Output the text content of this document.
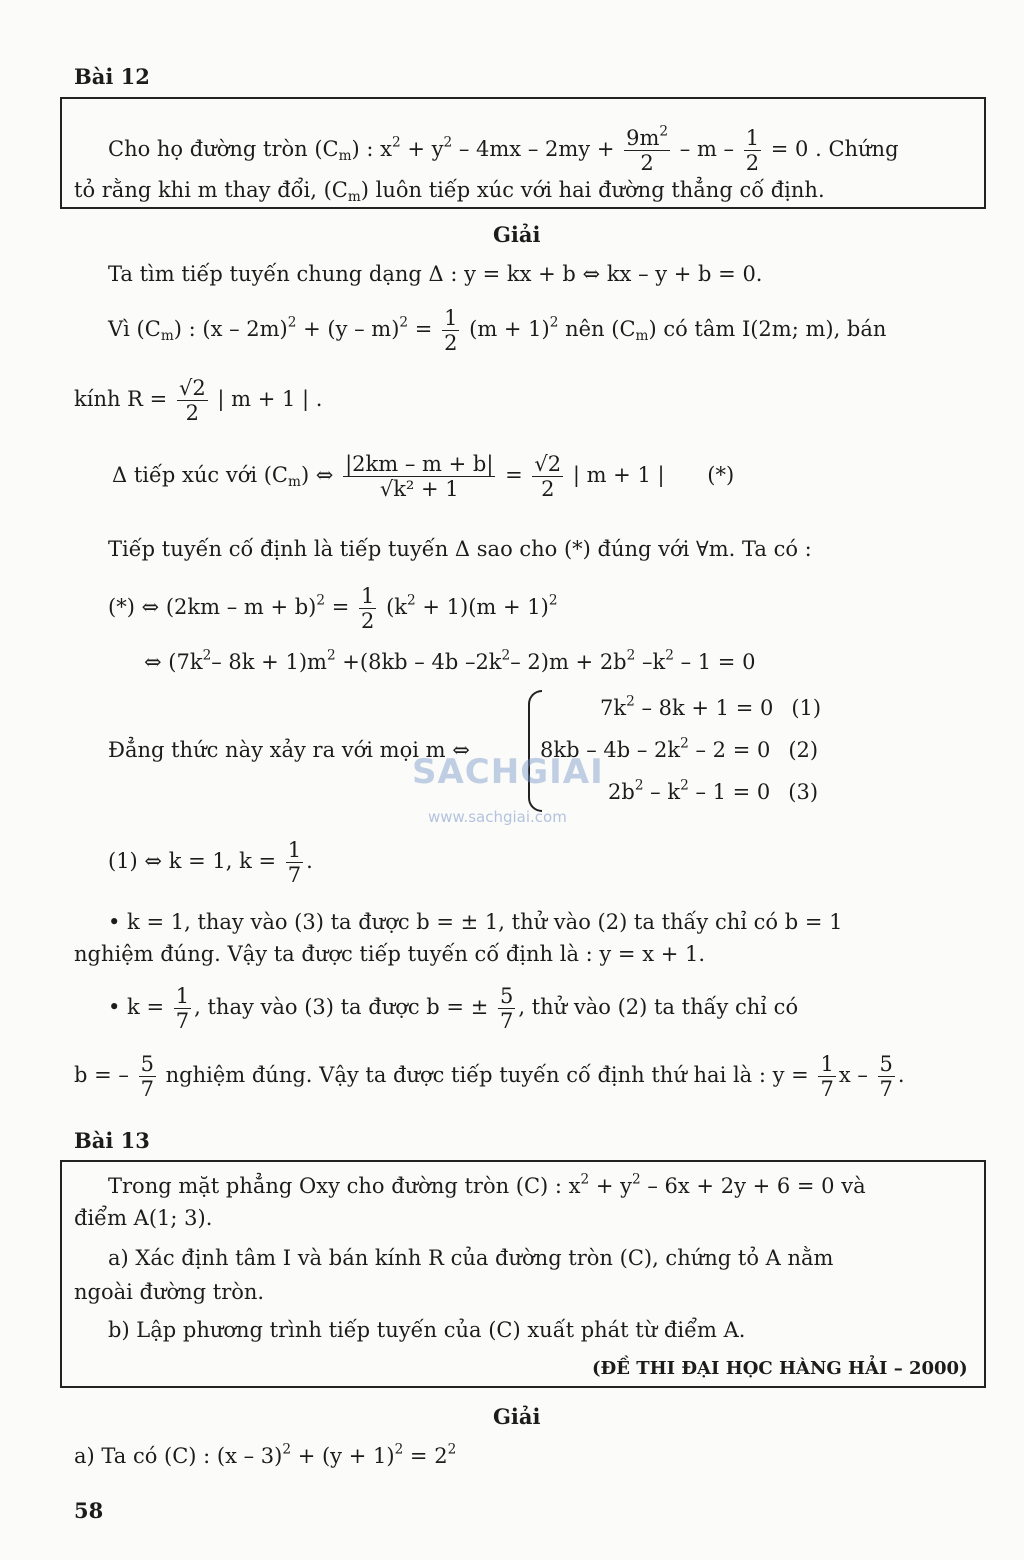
Bài 12
Cho họ đường tròn $(C_m)$ : $x^2 + y^2 - 4mx - 2my + \frac{9m^2}{2} - m - \frac{1}{2} = 0$ . Chứng
tỏ rằng khi m thay đổi, $(C_m)$ luôn tiếp xúc với hai đường thẳng cố định.
Giải
Ta tìm tiếp tuyến chung dạng Δ : y = kx + b ⇔ kx – y + b = 0.
Vì $(C_m)$ : $(x - 2m)^2 + (y - m)^2 = \frac{1}{2} (m + 1)^2$ nên $(C_m)$ có tâm I(2m; m), bán
kính $R = \frac{√2}{2}$ | m + 1 | .
Δ tiếp xúc với $(C_m)$ ⇔ $\frac{|2km - m + b|}{\text{√k² + 1}} = \frac{√2}{2}$ | m + 1 | (*)
Tiếp tuyến cố định là tiếp tuyến Δ sao cho (*) đúng với ∀m. Ta có :
(*) ⇔ $(2km - m + b)^2 = \frac{1}{2} (k^2 + 1)(m + 1)^2$
⇔ ($7k^2-$ $8k + 1)m^2 +(8kb - 4b$ $-2k^2-$ $2)m + 2b^2$ $-k^2 - 1 = 0$
$7k^2 - 8k + 1 = 0$ (1)
Đẳng thức này xảy ra với mọi m ⇔	$8kb - 4b - 2k^2 - 2 = 0$ (2)
$2b^2 - k^2 - 1 = 0$ (3)
SACHGIAI
www.sachgiai.com
(1) ⇔ k = 1, $k = \frac{1}{7}$ .
• k = 1, thay vào (3) ta được b = ± 1, thử vào (2) ta thấy chỉ có b = 1
nghiệm đúng. Vậy ta được tiếp tuyến cố định là : y = x + 1.
• $k = \frac{1}{7}$ , thay vào (3) ta được b = ± $\frac{5}{7}$ , thử vào (2) ta thấy chỉ có
b = – $\frac{5}{7}$ nghiệm đúng. Vậy ta được tiếp tuyến cố định thứ hai là : $y = \frac{1}{7}$ x – $\frac{5}{7}$ .
Bài 13
Trong mặt phẳng Oxy cho đường tròn (C) : $x^2 + y^2 - 6x + 2y + 6 = 0$ và
điểm A(1; 3).
a) Xác định tâm I và bán kính R của đường tròn (C), chứng tỏ A nằm
ngoài đường tròn.
b) Lập phương trình tiếp tuyến của (C) xuất phát từ điểm A.
(ĐỀ THI ĐẠI HỌC HÀNG HẢI – 2000)
Giải
a) Ta có (C) : $(x - 3)^2 + (y + 1)^2 = 2^2$
58
